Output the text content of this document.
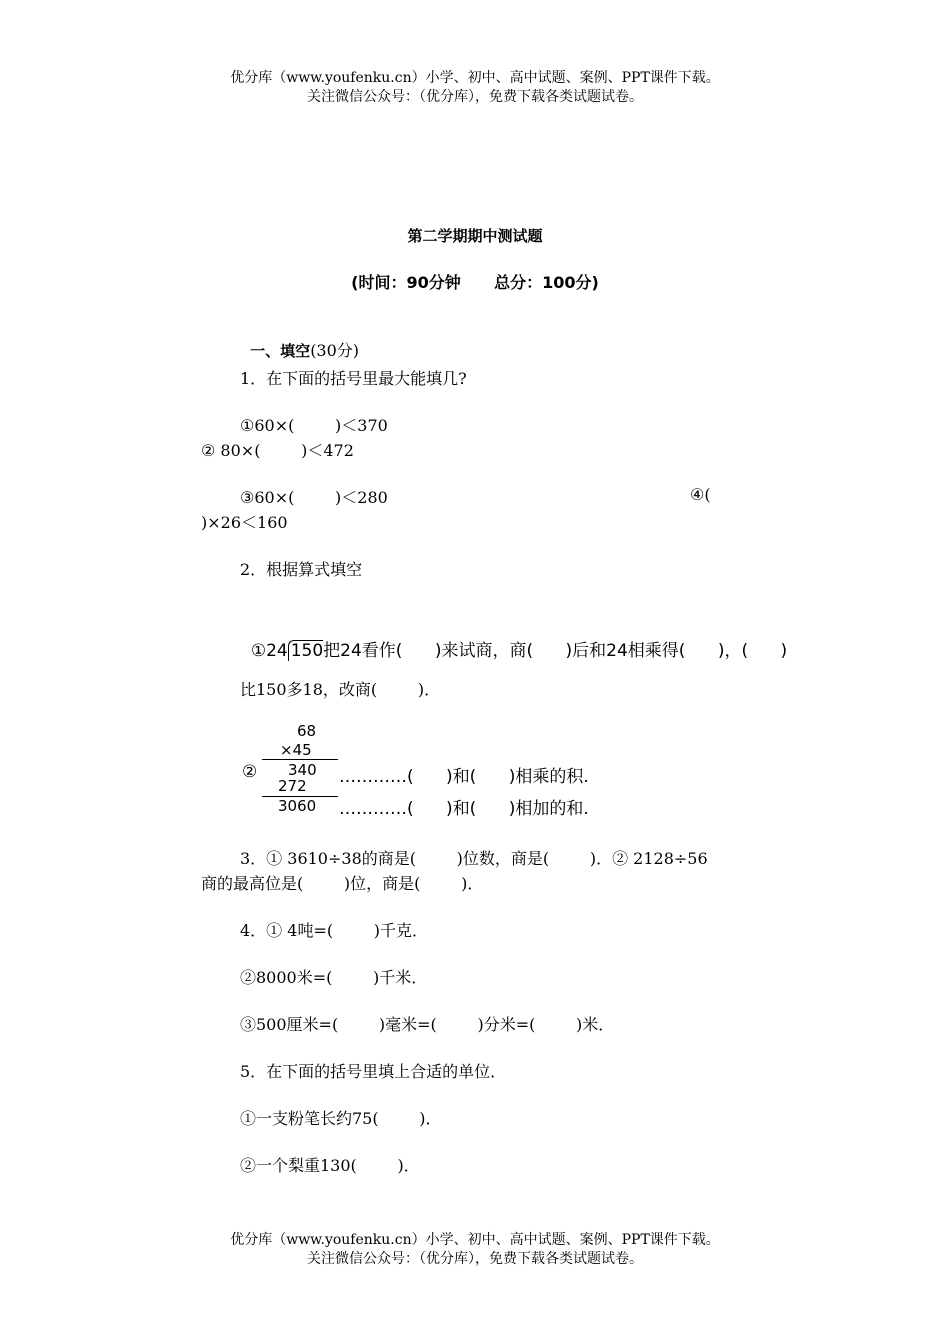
优分库（www.youfenku.cn）小学、初中、高中试题、案例、PPT课件下载。
关注微信公众号：（优分库），免费下载各类试题试卷。
第二学期期中测试题
(时间：90分钟      总分：100分)

一、填空(30分)

1．在下面的括号里最大能填几?
①60×(        )＜370
② 80×(        )＜472
③60×(        )＜280	④(
)×26＜160
2．根据算式填空

①24 150把24看作(      )来试商，商(      )后和24相乘得(      )，(      )

比150多18，改商(        )．
②
68
×45
340
272
3060
…………(      )和(      )相乘的积.
…………(      )和(      )相加的和.
3．① 3610÷38的商是(        )位数，商是(        )．② 2128÷56
商的最高位是(        )位，商是(        )．
4．① 4吨=(        )千克．
②8000米=(        )千米．
③500厘米=(        )毫米=(        )分米=(        )米．
5．在下面的括号里填上合适的单位．
①一支粉笔长约75(        )．
②一个梨重130(        )．
优分库（www.youfenku.cn）小学、初中、高中试题、案例、PPT课件下载。
关注微信公众号：（优分库），免费下载各类试题试卷。
